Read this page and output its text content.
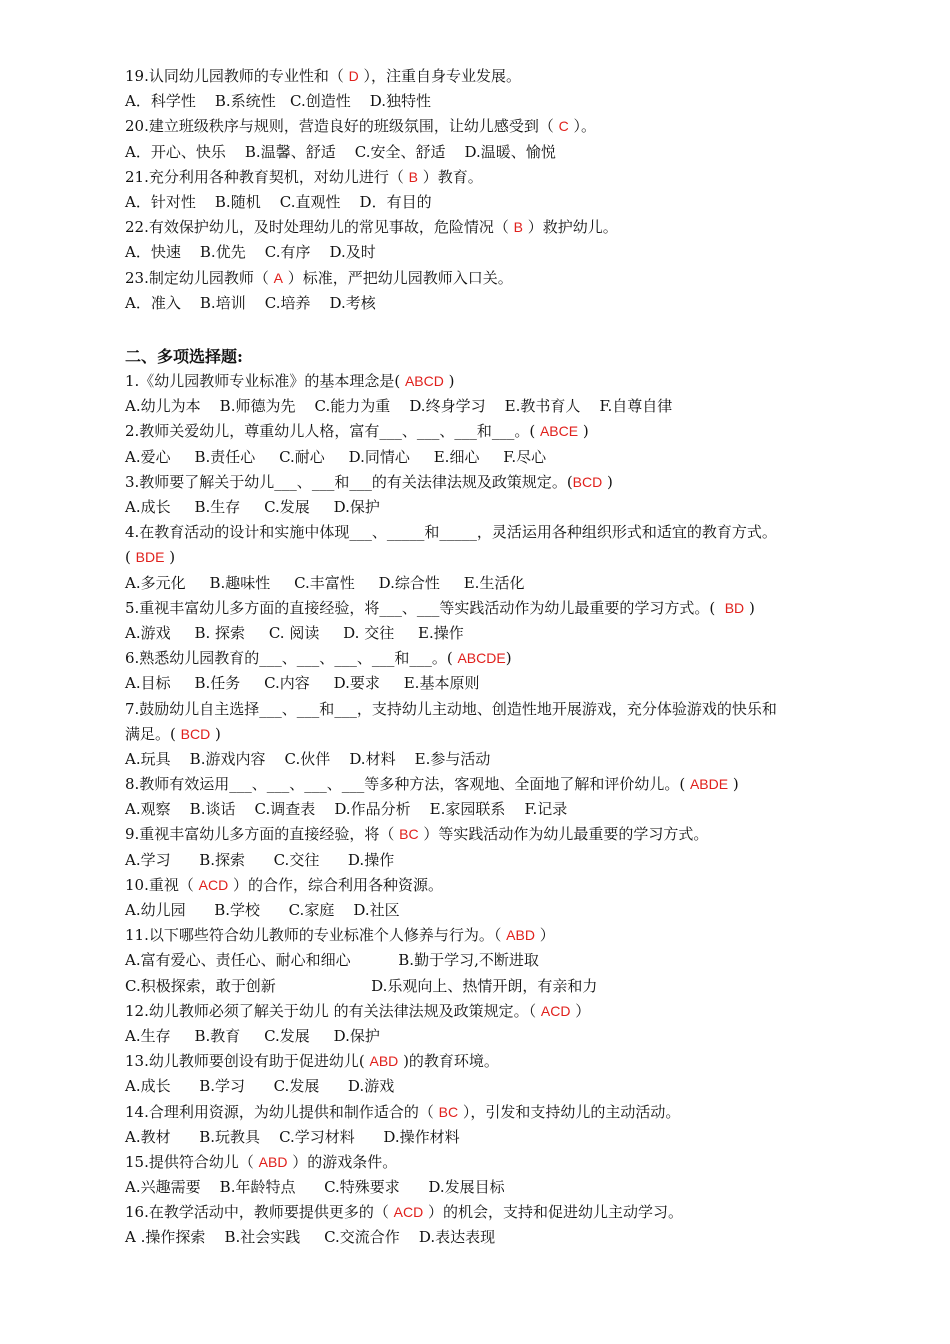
19.认同幼儿园教师的专业性和（ D ），注重自身专业发展。
A．科学性    B.系统性   C.创造性    D.独特性
20.建立班级秩序与规则，营造良好的班级氛围，让幼儿感受到（ C ）。
A．开心、快乐    B.温馨、舒适    C.安全、舒适    D.温暖、愉悦
21.充分利用各种教育契机，对幼儿进行（ B ）教育。
A．针对性    B.随机    C.直观性    D．有目的
22.有效保护幼儿，及时处理幼儿的常见事故，危险情况（ B ）救护幼儿。
A．快速    B.优先    C.有序    D.及时
23.制定幼儿园教师（ A ）标准，严把幼儿园教师入口关。
A．准入    B.培训    C.培养    D.考核
二、多项选择题:
1.《幼儿园教师专业标准》的基本理念是( ABCD )
A.幼儿为本    B.师德为先    C.能力为重    D.终身学习    E.教书育人    F.自尊自律
2.教师关爱幼儿，尊重幼儿人格，富有___、___、___和___。( ABCE )
A.爱心     B.责任心     C.耐心     D.同情心     E.细心     F.尽心
3.教师要了解关于幼儿___、___和___的有关法律法规及政策规定。(BCD )
A.成长     B.生存     C.发展     D.保护
4.在教育活动的设计和实施中体现___、_____和_____，灵活运用各种组织形式和适宜的教育方式。
( BDE )
A.多元化     B.趣味性     C.丰富性     D.综合性     E.生活化
5.重视丰富幼儿多方面的直接经验，将___、___等实践活动作为幼儿最重要的学习方式。( BD )
A.游戏     B. 探索     C. 阅读     D. 交往     E.操作
6.熟悉幼儿园教育的___、___、___、___和___。( ABCDE)
A.目标     B.任务     C.内容     D.要求     E.基本原则
7.鼓励幼儿自主选择___、___和___，支持幼儿主动地、创造性地开展游戏，充分体验游戏的快乐和
满足。( BCD )
A.玩具    B.游戏内容    C.伙伴    D.材料    E.参与活动
8.教师有效运用___、___、___、___等多种方法，客观地、全面地了解和评价幼儿。( ABDE )
A.观察    B.谈话    C.调查表    D.作品分析    E.家园联系    F.记录
9.重视丰富幼儿多方面的直接经验，将（ BC ）等实践活动作为幼儿最重要的学习方式。
A.学习      B.探索      C.交往      D.操作
10.重视（ ACD ）的合作，综合利用各种资源。
A.幼儿园      B.学校      C.家庭    D.社区
11.以下哪些符合幼儿教师的专业标准个人修养与行为。（ ABD ）
A.富有爱心、责任心、耐心和细心          B.勤于学习,不断进取
C.积极探索，敢于创新                    D.乐观向上、热情开朗，有亲和力
12.幼儿教师必须了解关于幼儿 的有关法律法规及政策规定。（ ACD ）
A.生存     B.教育     C.发展     D.保护
13.幼儿教师要创设有助于促进幼儿( ABD )的教育环境。
A.成长      B.学习      C.发展      D.游戏
14.合理利用资源，为幼儿提供和制作适合的（ BC ），引发和支持幼儿的主动活动。
A.教材      B.玩教具    C.学习材料      D.操作材料
15.提供符合幼儿（ ABD ）的游戏条件。
A.兴趣需要    B.年龄特点      C.特殊要求      D.发展目标
16.在教学活动中，教师要提供更多的（ ACD ）的机会，支持和促进幼儿主动学习。
A .操作探索    B.社会实践     C.交流合作    D.表达表现
